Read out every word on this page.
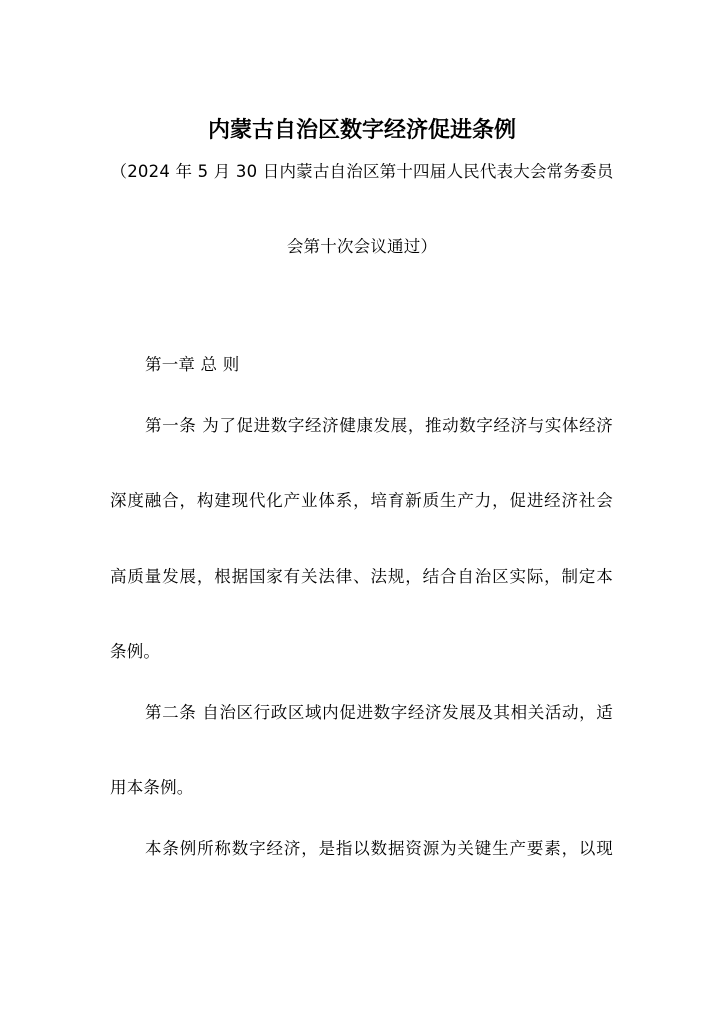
内蒙古自治区数字经济促进条例
（2024 年 5 月 30 日内蒙古自治区第十四届人民代表大会常务委员
会第十次会议通过）
第一章 总 则
第一条 为了促进数字经济健康发展，推动数字经济与实体经济
深度融合，构建现代化产业体系，培育新质生产力，促进经济社会
高质量发展，根据国家有关法律、法规，结合自治区实际，制定本
条例。
第二条 自治区行政区域内促进数字经济发展及其相关活动，适
用本条例。
本条例所称数字经济，是指以数据资源为关键生产要素，以现
